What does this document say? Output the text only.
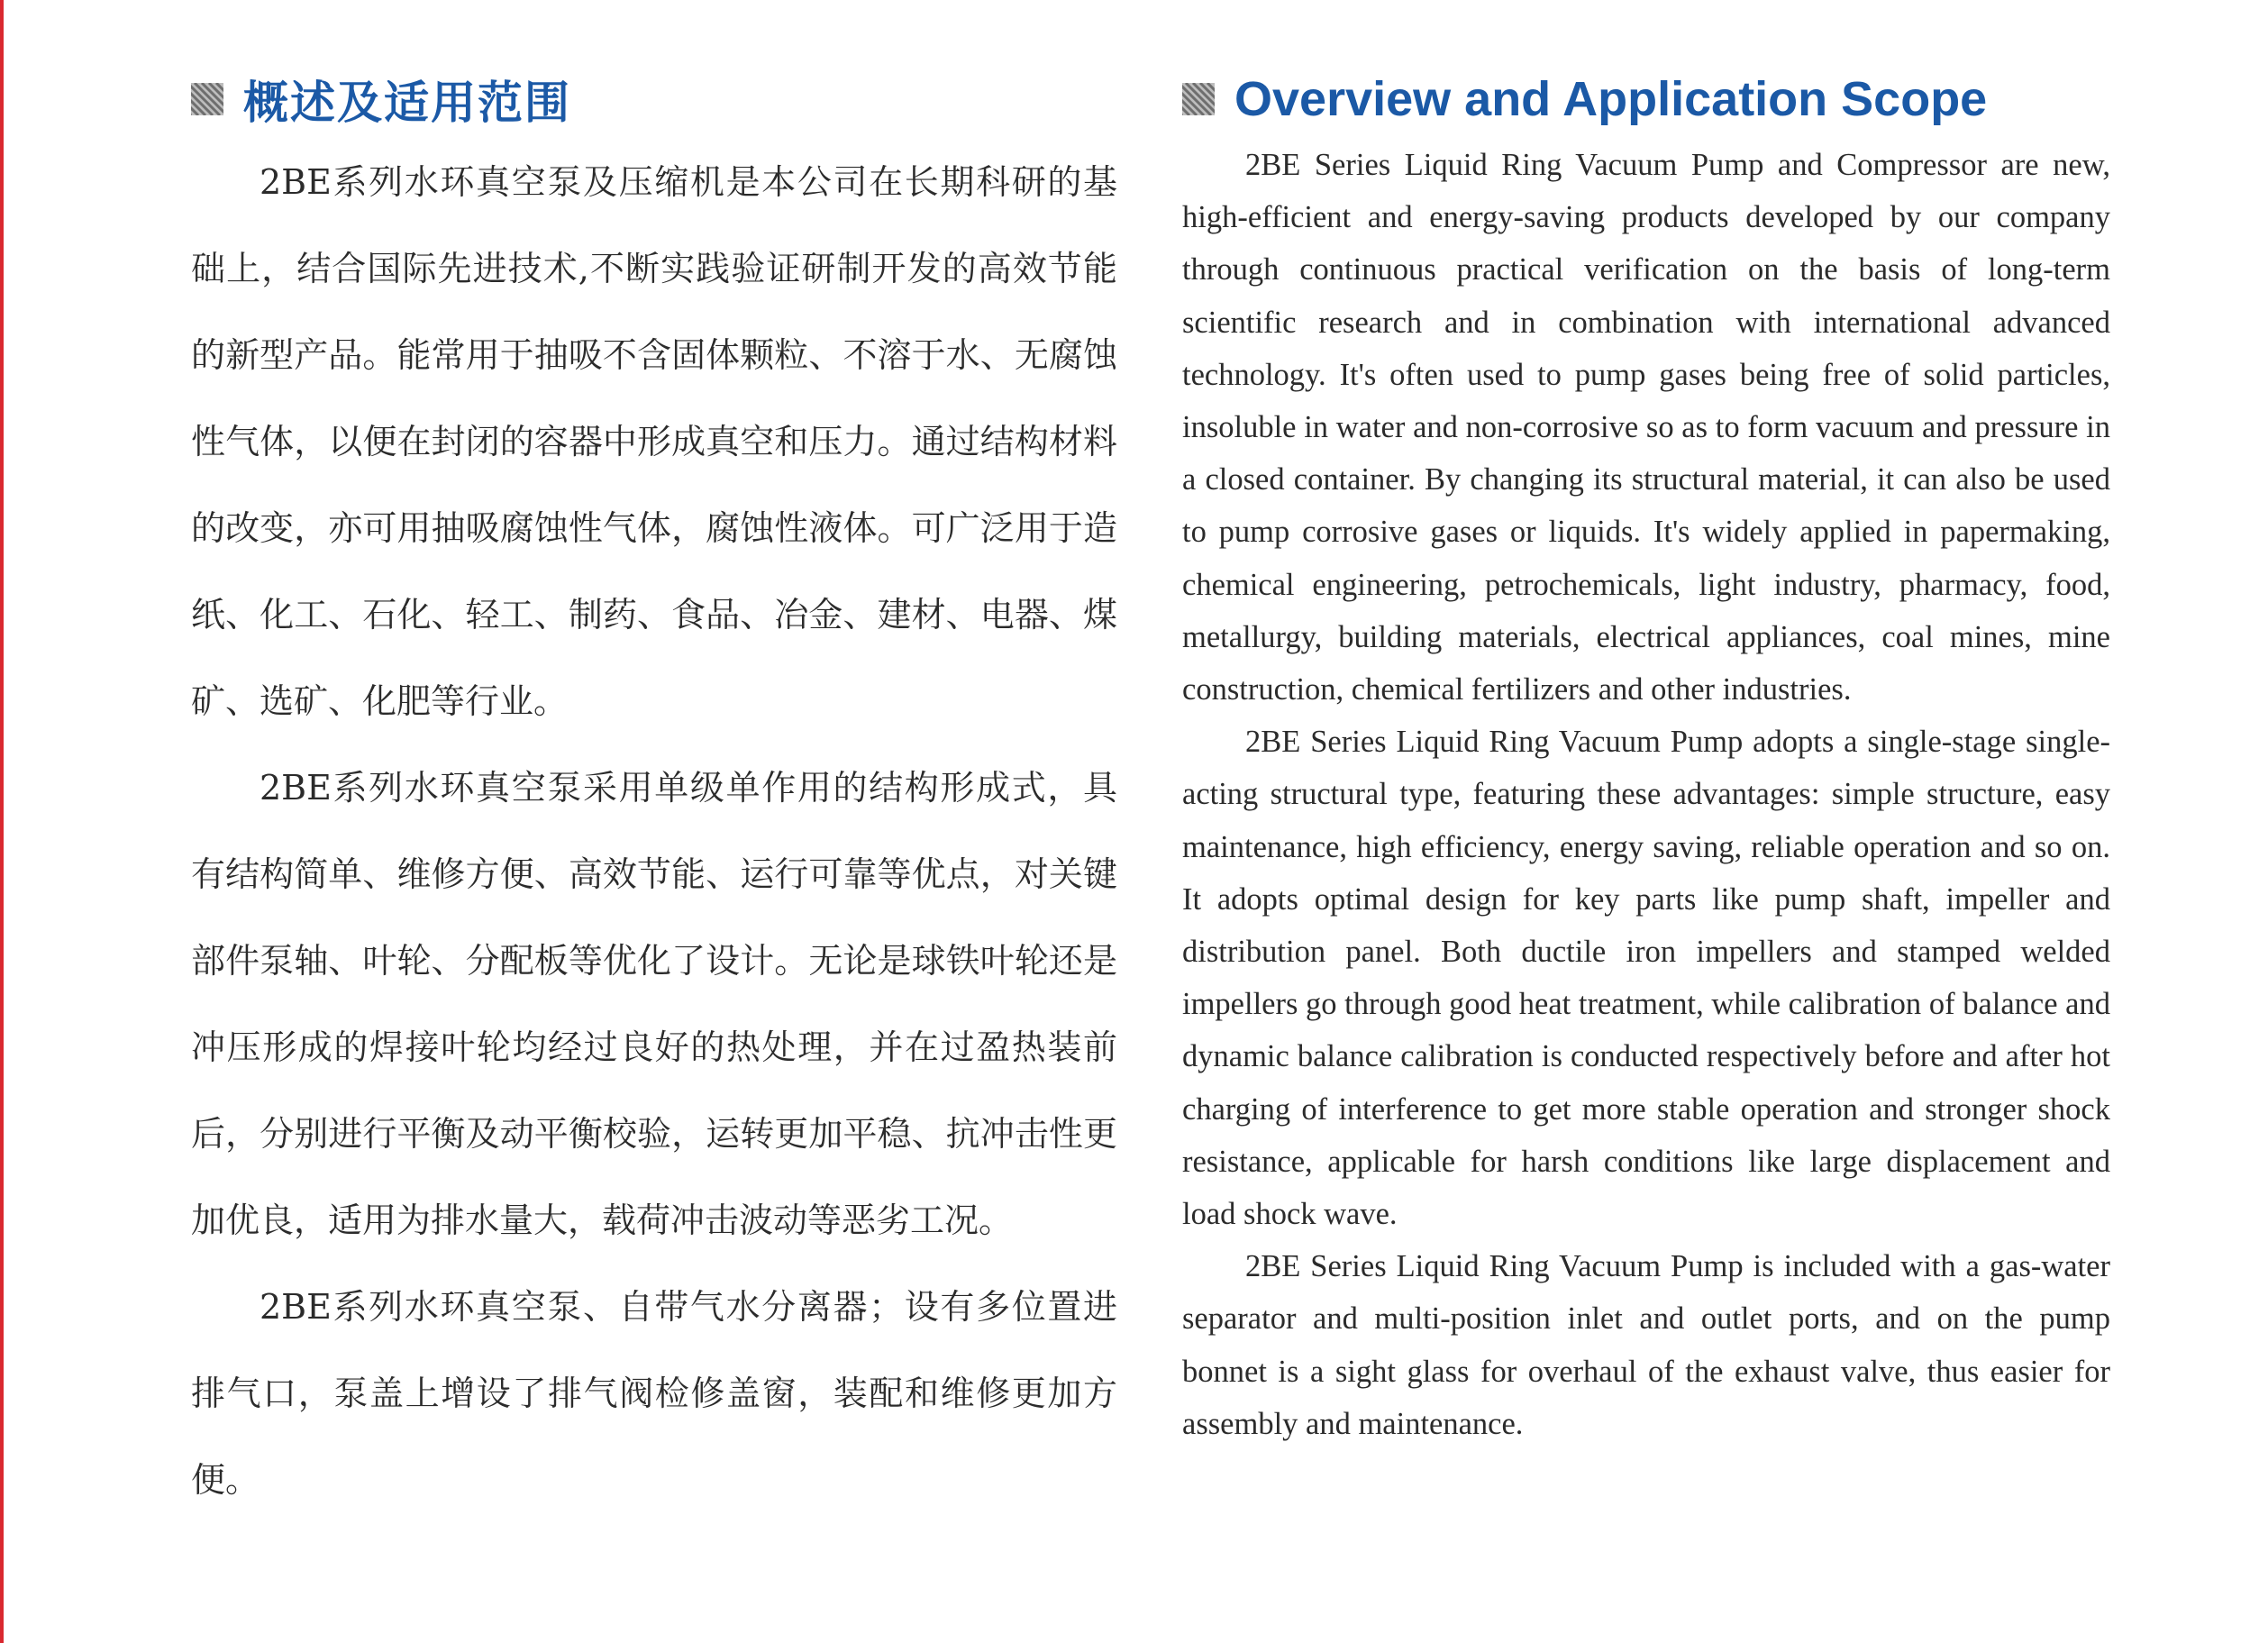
概述及适用范围

2BE系列水环真空泵及压缩机是本公司在长期科研的基础上，结合国际先进技术,不断实践验证研制开发的高效节能的新型产品。能常用于抽吸不含固体颗粒、不溶于水、无腐蚀性气体，以便在封闭的容器中形成真空和压力。通过结构材料的改变，亦可用抽吸腐蚀性气体，腐蚀性液体。可广泛用于造纸、化工、石化、轻工、制药、食品、冶金、建材、电器、煤矿、选矿、化肥等行业。

2BE系列水环真空泵采用单级单作用的结构形成式，具有结构简单、维修方便、高效节能、运行可靠等优点，对关键部件泵轴、叶轮、分配板等优化了设计。无论是球铁叶轮还是冲压形成的焊接叶轮均经过良好的热处理，并在过盈热装前后，分别进行平衡及动平衡校验，运转更加平稳、抗冲击性更加优良，适用为排水量大，载荷冲击波动等恶劣工况。

2BE系列水环真空泵、自带气水分离器；设有多位置进排气口，泵盖上增设了排气阀检修盖窗，装配和维修更加方便。

Overview and Application Scope

2BE Series Liquid Ring Vacuum Pump and Compressor are new, high-efficient and energy-saving products developed by our company through continuous practical verification on the basis of long-term scientific research and in combination with international advanced technology. It's often used to pump gases being free of solid particles, insoluble in water and non-corrosive so as to form vacuum and pressure in a closed container. By changing its structural material, it can also be used to pump corrosive gases or liquids. It's widely applied in papermaking, chemical engineering, petrochemicals, light industry, pharmacy, food, metallurgy, building materials, electrical appliances, coal mines, mine construction, chemical fertilizers and other industries.

2BE Series Liquid Ring Vacuum Pump adopts a single-stage single-acting structural type, featuring these advantages: simple structure, easy maintenance, high efficiency, energy saving, reliable operation and so on. It adopts optimal design for key parts like pump shaft, impeller and distribution panel. Both ductile iron impellers and stamped welded impellers go through good heat treatment, while calibration of balance and dynamic balance calibration is conducted respectively before and after hot charging of interference to get more stable operation and stronger shock resistance, applicable for harsh conditions like large displacement and load shock wave.

2BE Series Liquid Ring Vacuum Pump is included with a gas-water separator and multi-position inlet and outlet ports, and on the pump bonnet is a sight glass for overhaul of the exhaust valve, thus easier for assembly and maintenance.
